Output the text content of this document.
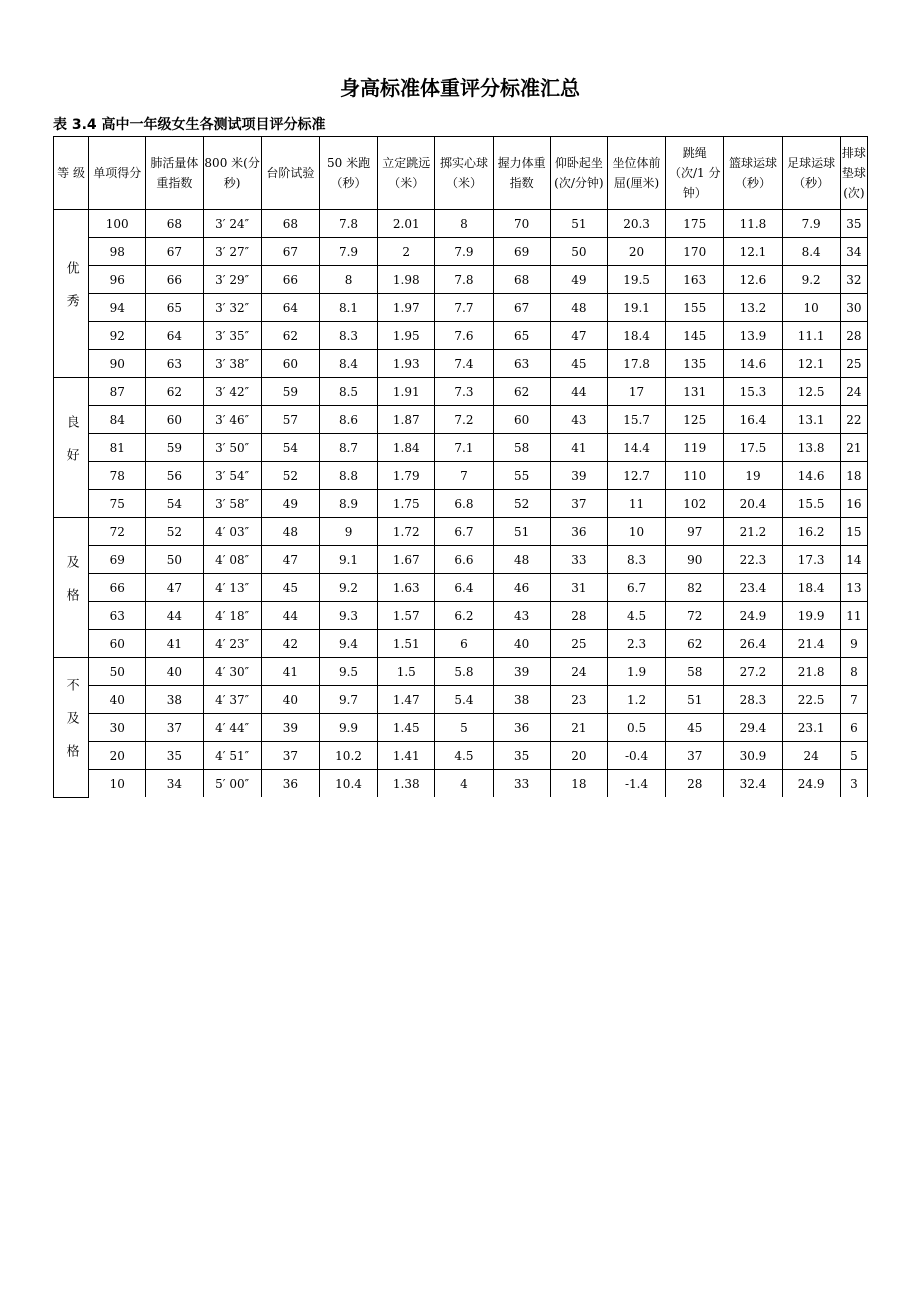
身高标准体重评分标准汇总
表 3.4 高中一年级女生各测试项目评分标准
等 级	单项得分	肺活量体重指数	800 米(分秒)	台阶试验	50 米跑（秒）	立定跳远（米）	掷实心球（米）	握力体重指数	仰卧起坐(次/分钟)	坐位体前屈(厘米)	跳绳（次/1 分钟）	篮球运球（秒）	足球运球（秒）	排球垫球(次)
优秀	100	68	3′ 24″	68	7.8	2.01	8	70	51	20.3	175	11.8	7.9	35
	98	67	3′ 27″	67	7.9	2	7.9	69	50	20	170	12.1	8.4	34
	96	66	3′ 29″	66	8	1.98	7.8	68	49	19.5	163	12.6	9.2	32
	94	65	3′ 32″	64	8.1	1.97	7.7	67	48	19.1	155	13.2	10	30
	92	64	3′ 35″	62	8.3	1.95	7.6	65	47	18.4	145	13.9	11.1	28
	90	63	3′ 38″	60	8.4	1.93	7.4	63	45	17.8	135	14.6	12.1	25
良好	87	62	3′ 42″	59	8.5	1.91	7.3	62	44	17	131	15.3	12.5	24
	84	60	3′ 46″	57	8.6	1.87	7.2	60	43	15.7	125	16.4	13.1	22
	81	59	3′ 50″	54	8.7	1.84	7.1	58	41	14.4	119	17.5	13.8	21
	78	56	3′ 54″	52	8.8	1.79	7	55	39	12.7	110	19	14.6	18
	75	54	3′ 58″	49	8.9	1.75	6.8	52	37	11	102	20.4	15.5	16
及格	72	52	4′ 03″	48	9	1.72	6.7	51	36	10	97	21.2	16.2	15
	69	50	4′ 08″	47	9.1	1.67	6.6	48	33	8.3	90	22.3	17.3	14
	66	47	4′ 13″	45	9.2	1.63	6.4	46	31	6.7	82	23.4	18.4	13
	63	44	4′ 18″	44	9.3	1.57	6.2	43	28	4.5	72	24.9	19.9	11
	60	41	4′ 23″	42	9.4	1.51	6	40	25	2.3	62	26.4	21.4	9
不及格	50	40	4′ 30″	41	9.5	1.5	5.8	39	24	1.9	58	27.2	21.8	8
	40	38	4′ 37″	40	9.7	1.47	5.4	38	23	1.2	51	28.3	22.5	7
	30	37	4′ 44″	39	9.9	1.45	5	36	21	0.5	45	29.4	23.1	6
	20	35	4′ 51″	37	10.2	1.41	4.5	35	20	-0.4	37	30.9	24	5
	10	34	5′ 00″	36	10.4	1.38	4	33	18	-1.4	28	32.4	24.9	3
